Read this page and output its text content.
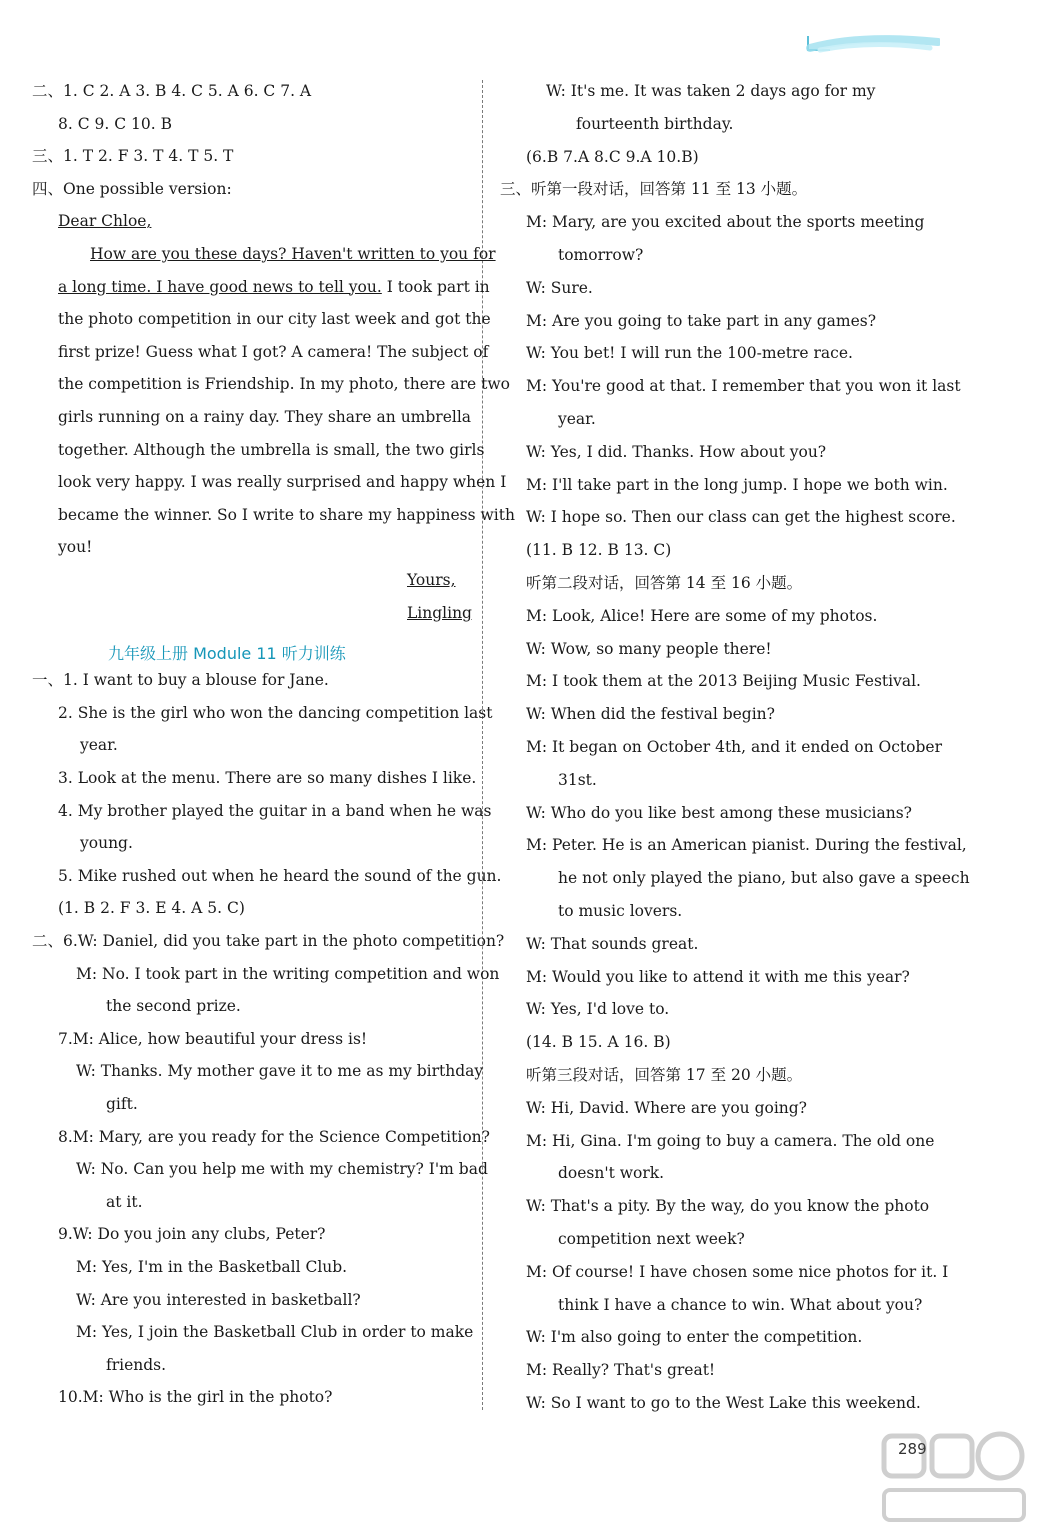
二、1. C 2. A 3. B 4. C 5. A 6. C 7. A
8. C 9. C 10. B
三、1. T 2. F 3. T 4. T 5. T
四、One possible version:
Dear Chloe,
How are you these days? Haven't written to you for
a long time. I have good news to tell you. I took part in
the photo competition in our city last week and got the
first prize! Guess what I got? A camera! The subject of
the competition is Friendship. In my photo, there are two
girls running on a rainy day. They share an umbrella
together. Although the umbrella is small, the two girls
look very happy. I was really surprised and happy when I
became the winner. So I write to share my happiness with
you!
Yours,
Lingling
一、1. I want to buy a blouse for Jane.
2. She is the girl who won the dancing competition last
year.
3. Look at the menu. There are so many dishes I like.
4. My brother played the guitar in a band when he was
young.
5. Mike rushed out when he heard the sound of the gun.
(1. B 2. F 3. E 4. A 5. C)
二、6.W: Daniel, did you take part in the photo competition?
M: No. I took part in the writing competition and won
the second prize.
7.M: Alice, how beautiful your dress is!
W: Thanks. My mother gave it to me as my birthday
gift.
8.M: Mary, are you ready for the Science Competition?
W: No. Can you help me with my chemistry? I'm bad
at it.
9.W: Do you join any clubs, Peter?
M: Yes, I'm in the Basketball Club.
W: Are you interested in basketball?
M: Yes, I join the Basketball Club in order to make
friends.
10.M: Who is the girl in the photo?
W: It's me. It was taken 2 days ago for my
fourteenth birthday.
(6.B 7.A 8.C 9.A 10.B)
三、听第一段对话，回答第 11 至 13 小题。
M: Mary, are you excited about the sports meeting
tomorrow?
W: Sure.
M: Are you going to take part in any games?
W: You bet! I will run the 100-metre race.
M: You're good at that. I remember that you won it last
year.
W: Yes, I did. Thanks. How about you?
M: I'll take part in the long jump. I hope we both win.
W: I hope so. Then our class can get the highest score.
(11. B 12. B 13. C)
听第二段对话，回答第 14 至 16 小题。
M: Look, Alice! Here are some of my photos.
W: Wow, so many people there!
M: I took them at the 2013 Beijing Music Festival.
W: When did the festival begin?
M: It began on October 4th, and it ended on October
31st.
W: Who do you like best among these musicians?
M: Peter. He is an American pianist. During the festival,
he not only played the piano, but also gave a speech
to music lovers.
W: That sounds great.
M: Would you like to attend it with me this year?
W: Yes, I'd love to.
(14. B 15. A 16. B)
听第三段对话，回答第 17 至 20 小题。
W: Hi, David. Where are you going?
M: Hi, Gina. I'm going to buy a camera. The old one
doesn't work.
W: That's a pity. By the way, do you know the photo
competition next week?
M: Of course! I have chosen some nice photos for it. I
think I have a chance to win. What about you?
W: I'm also going to enter the competition.
M: Really? That's great!
W: So I want to go to the West Lake this weekend.
九年级上册 Module 11 听力训练
289
